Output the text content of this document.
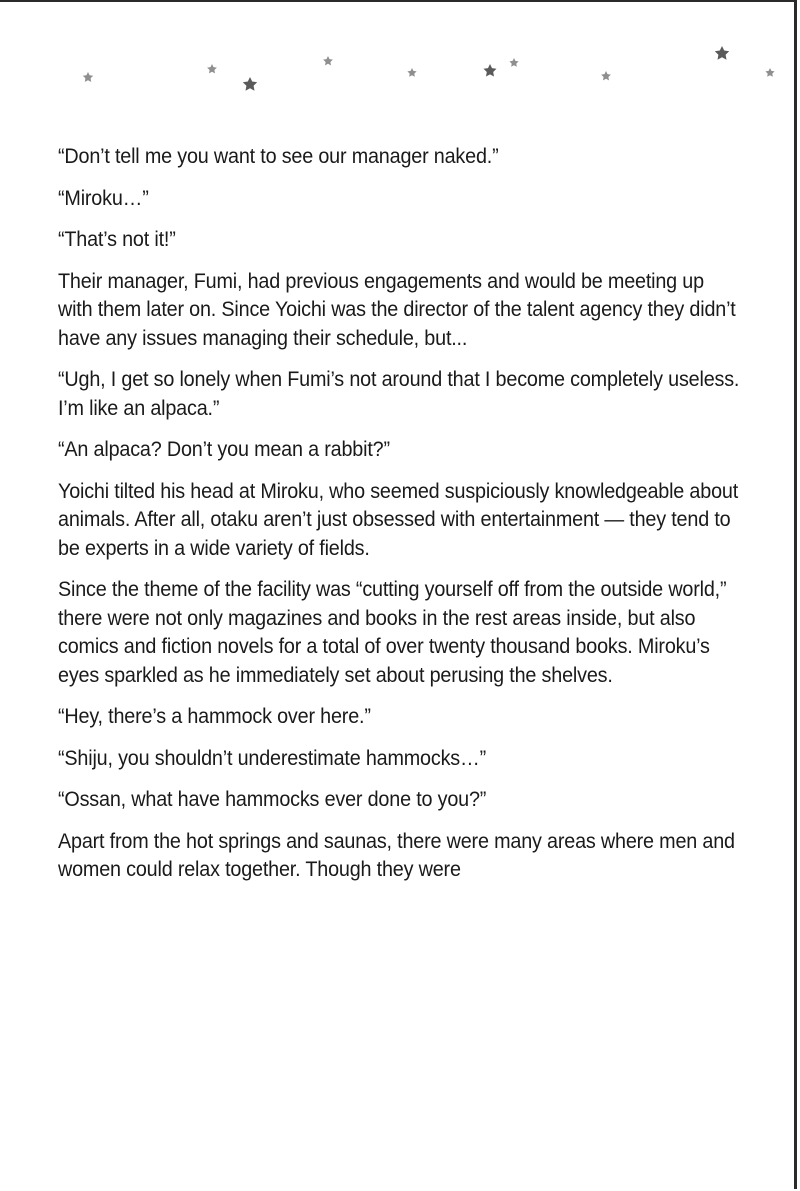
“Don’t tell me you want to see our manager naked.”

“Miroku…”

“That’s not it!”

Their manager, Fumi, had previous engagements and would be meeting up with them later on. Since Yoichi was the director of the talent agency they didn’t have any issues managing their schedule, but...

“Ugh, I get so lonely when Fumi’s not around that I become completely useless. I’m like an alpaca.”

“An alpaca? Don’t you mean a rabbit?”

Yoichi tilted his head at Miroku, who seemed suspiciously knowledgeable about animals. After all, otaku aren’t just obsessed with entertainment — they tend to be experts in a wide variety of fields.

Since the theme of the facility was “cutting yourself off from the outside world,” there were not only magazines and books in the rest areas inside, but also comics and fiction novels for a total of over twenty thousand books. Miroku’s eyes sparkled as he immediately set about perusing the shelves.

“Hey, there’s a hammock over here.”

“Shiju, you shouldn’t underestimate hammocks…”

“Ossan, what have hammocks ever done to you?”

Apart from the hot springs and saunas, there were many areas where men and women could relax together. Though they were
